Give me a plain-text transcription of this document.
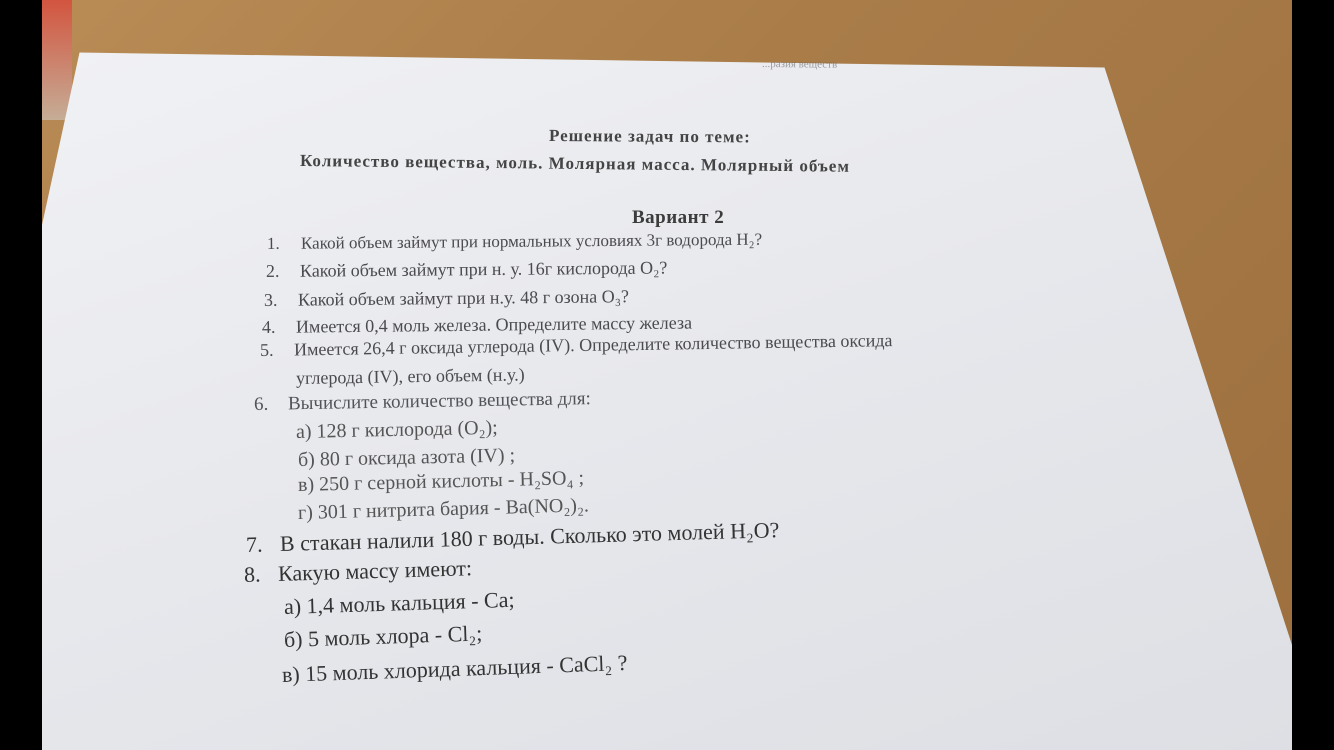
...разия веществ
Решение задач по теме:
Количество вещества, моль. Молярная масса. Молярный объем
Вариант 2
1. Какой объем займут при нормальных условиях 3г водорода H₂?
2. Какой объем займут при н. у. 16г кислорода O₂?
3. Какой объем займут при н.у. 48 г озона O₃?
4. Имеется 0,4 моль железа. Определите массу железа
5. Имеется 26,4 г оксида углерода (IV). Определите количество вещества оксида
углерода (IV), его объем (н.у.)
6. Вычислите количество вещества для:
а) 128 г кислорода (O₂);
б) 80 г оксида азота (IV) ;
в) 250 г серной кислоты - H₂SO₄ ;
г) 301 г нитрита бария - Ba(NO₂)₂.
7. В стакан налили 180 г воды. Сколько это молей H₂O?
8. Какую массу имеют:
а) 1,4 моль кальция - Ca;
б) 5 моль хлора - Cl₂;
в) 15 моль хлорида кальция - CaCl₂ ?
